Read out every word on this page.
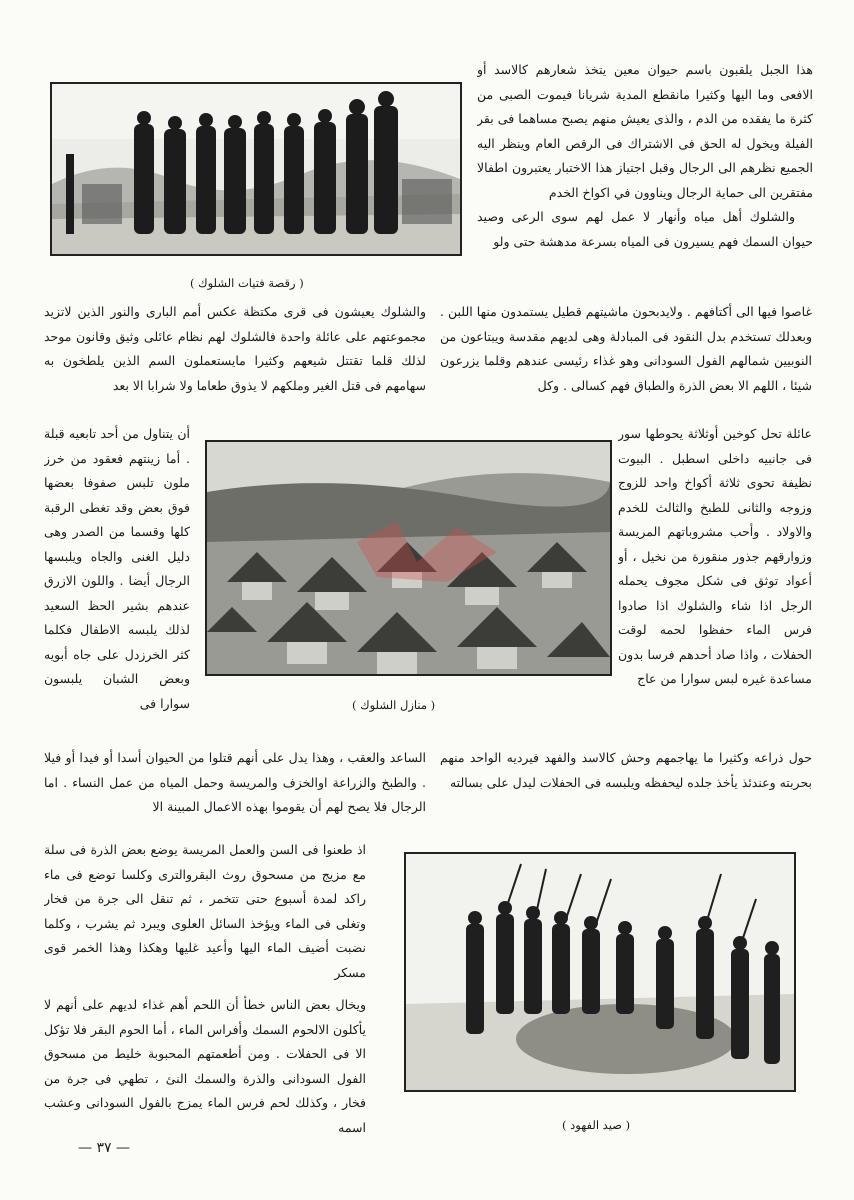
( رقصة فتيات الشلوك )

هذا الجبل يلقبون باسم حيوان معين يتخذ شعارهم كالاسد أو الافعى وما اليها وكثيرا مانقطع المدية شريانا فيموت الصبى من كثرة ما يفقده من الدم ، والذى يعيش منهم يصبح مساهما فى بقر الفيلة ويخول له الحق فى الاشتراك فى الرقص العام وينظر اليه الجميع نظرهم الى الرجال وقبل اجتياز هذا الاختبار يعتبرون اطفالا مفتقرين الى حماية الرجال ويناوون في اكواخ الخدم

والشلوك أهل مياه وأنهار لا عمل لهم سوى الرعى وصيد حيوان السمك فهم يسيرون فى المياه بسرعة مدهشة حتى ولو

غاصوا فيها الى أكتافهم . ولايدبحون ماشيتهم قطيل يستمدون منها اللبن . وبعدلك تستخدم بدل النقود فى المبادلة وهى لديهم مقدسة ويبتاعون من النوبيين شمالهم الفول السودانى وهو غذاء رئيسى عندهم وقلما يزرعون شيئا ، اللهم الا بعض الذرة والطباق فهم كسالى . وكل

والشلوك يعيشون فى قرى مكتظة عكس أمم البارى والنور الذين لاتزيد مجموعتهم على عائلة واحدة فالشلوك لهم نظام عائلى وثيق وقانون موحد لذلك قلما تقتتل شيعهم وكثيرا مايستعملون السم الذين يلطخون به سهامهم فى قتل الغير وملكهم لا يذوق طعاما ولا شرابا الا بعد

أن يتناول من أحد تابعيه قبلة . أما زينتهم فعقود من خرز ملون تلبس صفوفا بعضها فوق بعض وقد تغطى الرقبة كلها وقسما من الصدر وهى دليل الغنى والجاه ويلبسها الرجال أيضا . واللون الازرق عندهم بشير الحظ السعيد لذلك يلبسه الاطفال فكلما كثر الخرزدل على جاه أبويه وبعض الشبان يلبسون سوارا فى	( منازل الشلوك )

عائلة تحل كوخين أوثلاثة يحوطها سور فى جانبيه داخلى اسطبل . البيوت نظيفة تحوى ثلاثة أكواخ واحد للزوج وزوجه والثانى للطبخ والثالث للخدم والاولاد . وأحب مشروباتهم المريسة وزوارقهم جذور منقورة من نخيل ، أو أعواد توثق فى شكل مجوف يحمله الرجل اذا شاء والشلوك اذا صادوا فرس الماء حفظوا لحمه لوقت الحفلات ، واذا صاد أحدهم فرسا بدون مساعدة غيره لبس سوارا من عاج

الساعد والعقب ، وهذا يدل على أنهم قتلوا من الحيوان أسدا أو فيدا أو فيلا . والطبخ والزراعة اوالخزف والمريسة وحمل المياه من عمل النساء . اما الرجال فلا يصح لهم أن يقوموا بهذه الاعمال المبينة الا

حول ذراعه وكثيرا ما يهاجمهم وحش كالاسد والفهد فيرديه الواحد منهم بحربته وعندئذ يأخذ جلده ليحفظه ويلبسه فى الحفلات ليدل على بسالته

اذ طعنوا فى السن والعمل المريسة يوضع بعض الذرة فى سلة مع مزيج من مسحوق روث البقروالترى وكلسا توضع فى ماء راكد لمدة أسبوع حتى تتخمر ، ثم تنقل الى جرة من فخار وتغلى فى الماء ويؤخذ السائل العلوى ويبرد ثم يشرب ، وكلما نضبت أضيف الماء اليها وأعيد غليها وهكذا وهذا الخمر قوى مسكر

ويخال بعض الناس خطأ أن اللحم أهم غذاء لديهم على أنهم لا يأكلون الالحوم السمك وأفراس الماء ، أما الحوم البقر فلا تؤكل الا فى الحفلات . ومن أطعمتهم المحبوبة خليط من مسحوق الفول السودانى والذرة والسمك النئ ، تطهي فى جرة من فخار ، وكذلك لحم فرس الماء يمزج بالفول السودانى وعشب اسمه	( صيد الفهود )
— ٣٧ —
